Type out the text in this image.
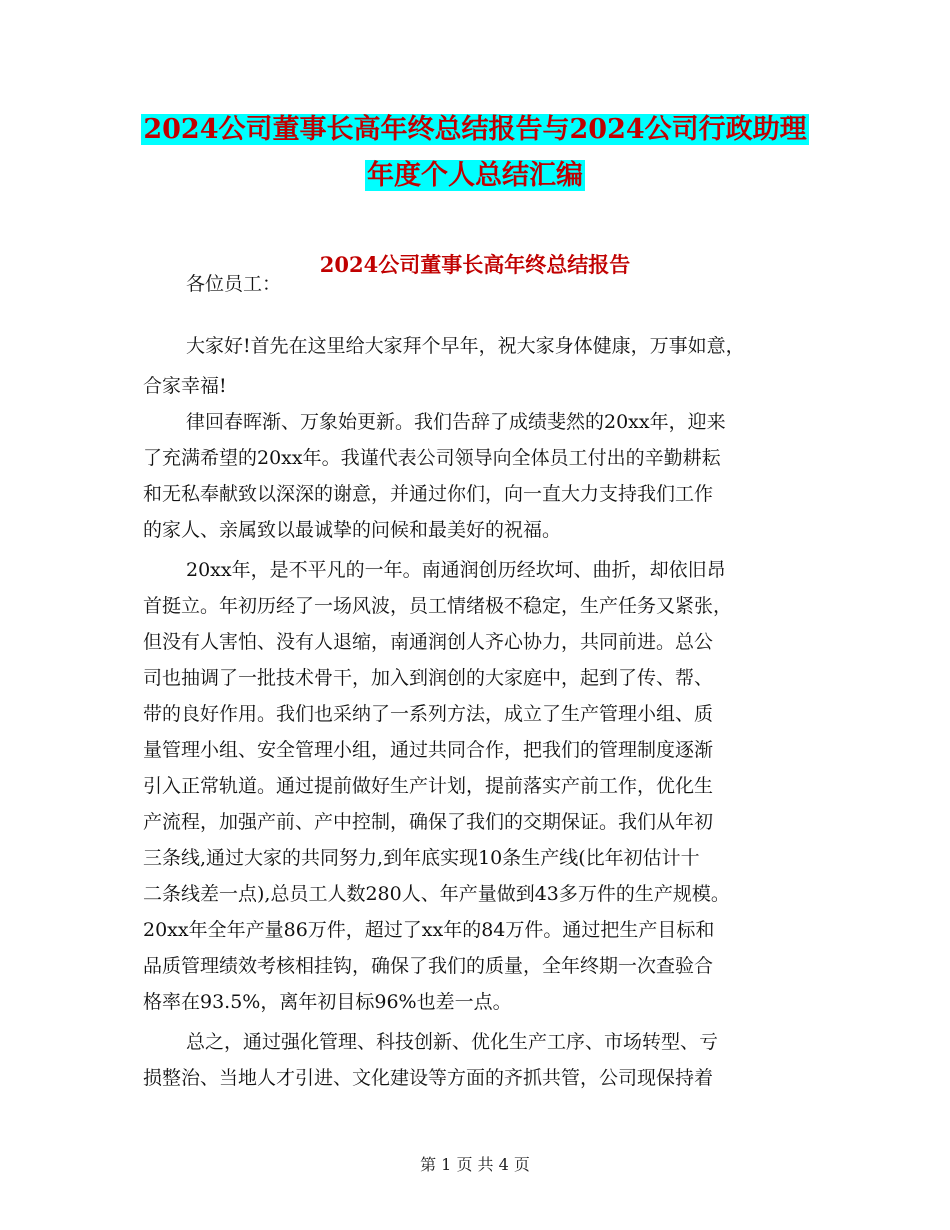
2024公司董事长高年终总结报告与2024公司行政助理
年度个人总结汇编
2024公司董事长高年终总结报告
各位员工：
大家好!首先在这里给大家拜个早年，祝大家身体健康，万事如意，
合家幸福!
律回春晖渐、万象始更新。我们告辞了成绩斐然的20xx年，迎来
了充满希望的20xx年。我谨代表公司领导向全体员工付出的辛勤耕耘
和无私奉献致以深深的谢意，并通过你们，向一直大力支持我们工作
的家人、亲属致以最诚挚的问候和最美好的祝福。
20xx年，是不平凡的一年。南通润创历经坎坷、曲折，却依旧昂
首挺立。年初历经了一场风波，员工情绪极不稳定，生产任务又紧张，
但没有人害怕、没有人退缩，南通润创人齐心协力，共同前进。总公
司也抽调了一批技术骨干，加入到润创的大家庭中，起到了传、帮、
带的良好作用。我们也采纳了一系列方法，成立了生产管理小组、质
量管理小组、安全管理小组，通过共同合作，把我们的管理制度逐渐
引入正常轨道。通过提前做好生产计划，提前落实产前工作，优化生
产流程，加强产前、产中控制，确保了我们的交期保证。我们从年初
三条线,通过大家的共同努力,到年底实现10条生产线(比年初估计十
二条线差一点),总员工人数280人、年产量做到43多万件的生产规模。
20xx年全年产量86万件，超过了xx年的84万件。通过把生产目标和
品质管理绩效考核相挂钩，确保了我们的质量，全年终期一次查验合
格率在93.5%，离年初目标96%也差一点。
总之，通过强化管理、科技创新、优化生产工序、市场转型、亏
损整治、当地人才引进、文化建设等方面的齐抓共管，公司现保持着
第 1 页 共 4 页
